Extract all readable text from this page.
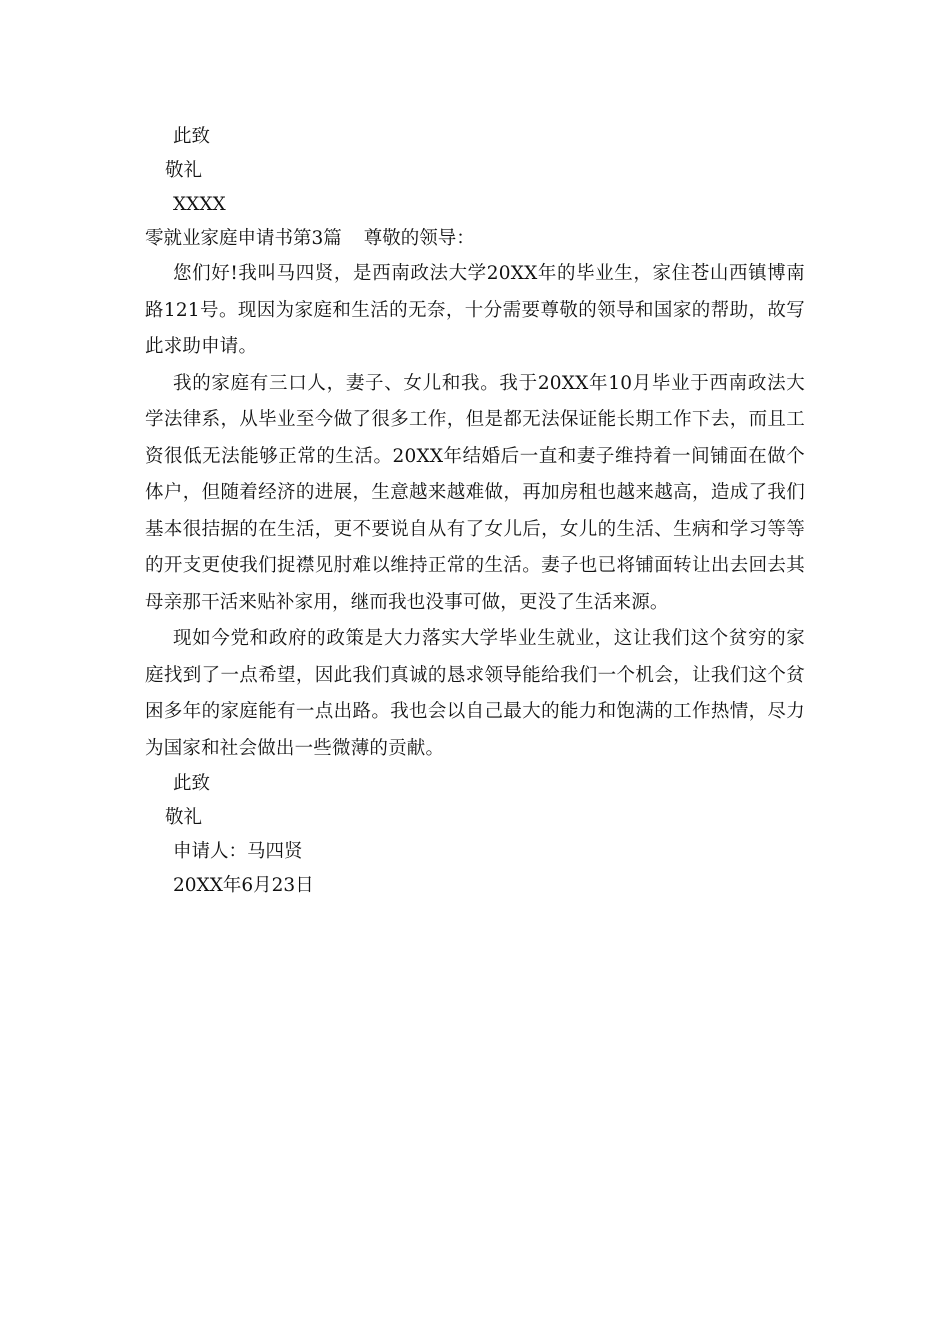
此致
敬礼
XXXX
零就业家庭申请书第3篇 尊敬的领导：

您们好!我叫马四贤，是西南政法大学20XX年的毕业生，家住苍山西镇博南路121号。现因为家庭和生活的无奈，十分需要尊敬的领导和国家的帮助，故写此求助申请。

我的家庭有三口人，妻子、女儿和我。我于20XX年10月毕业于西南政法大学法律系，从毕业至今做了很多工作，但是都无法保证能长期工作下去，而且工资很低无法能够正常的生活。20XX年结婚后一直和妻子维持着一间铺面在做个体户，但随着经济的进展，生意越来越难做，再加房租也越来越高，造成了我们基本很拮据的在生活，更不要说自从有了女儿后，女儿的生活、生病和学习等等的开支更使我们捉襟见肘难以维持正常的生活。妻子也已将铺面转让出去回去其母亲那干活来贴补家用，继而我也没事可做，更没了生活来源。

现如今党和政府的政策是大力落实大学毕业生就业，这让我们这个贫穷的家庭找到了一点希望，因此我们真诚的恳求领导能给我们一个机会，让我们这个贫困多年的家庭能有一点出路。我也会以自己最大的能力和饱满的工作热情，尽力为国家和社会做出一些微薄的贡献。

此致
敬礼
申请人：马四贤
20XX年6月23日
